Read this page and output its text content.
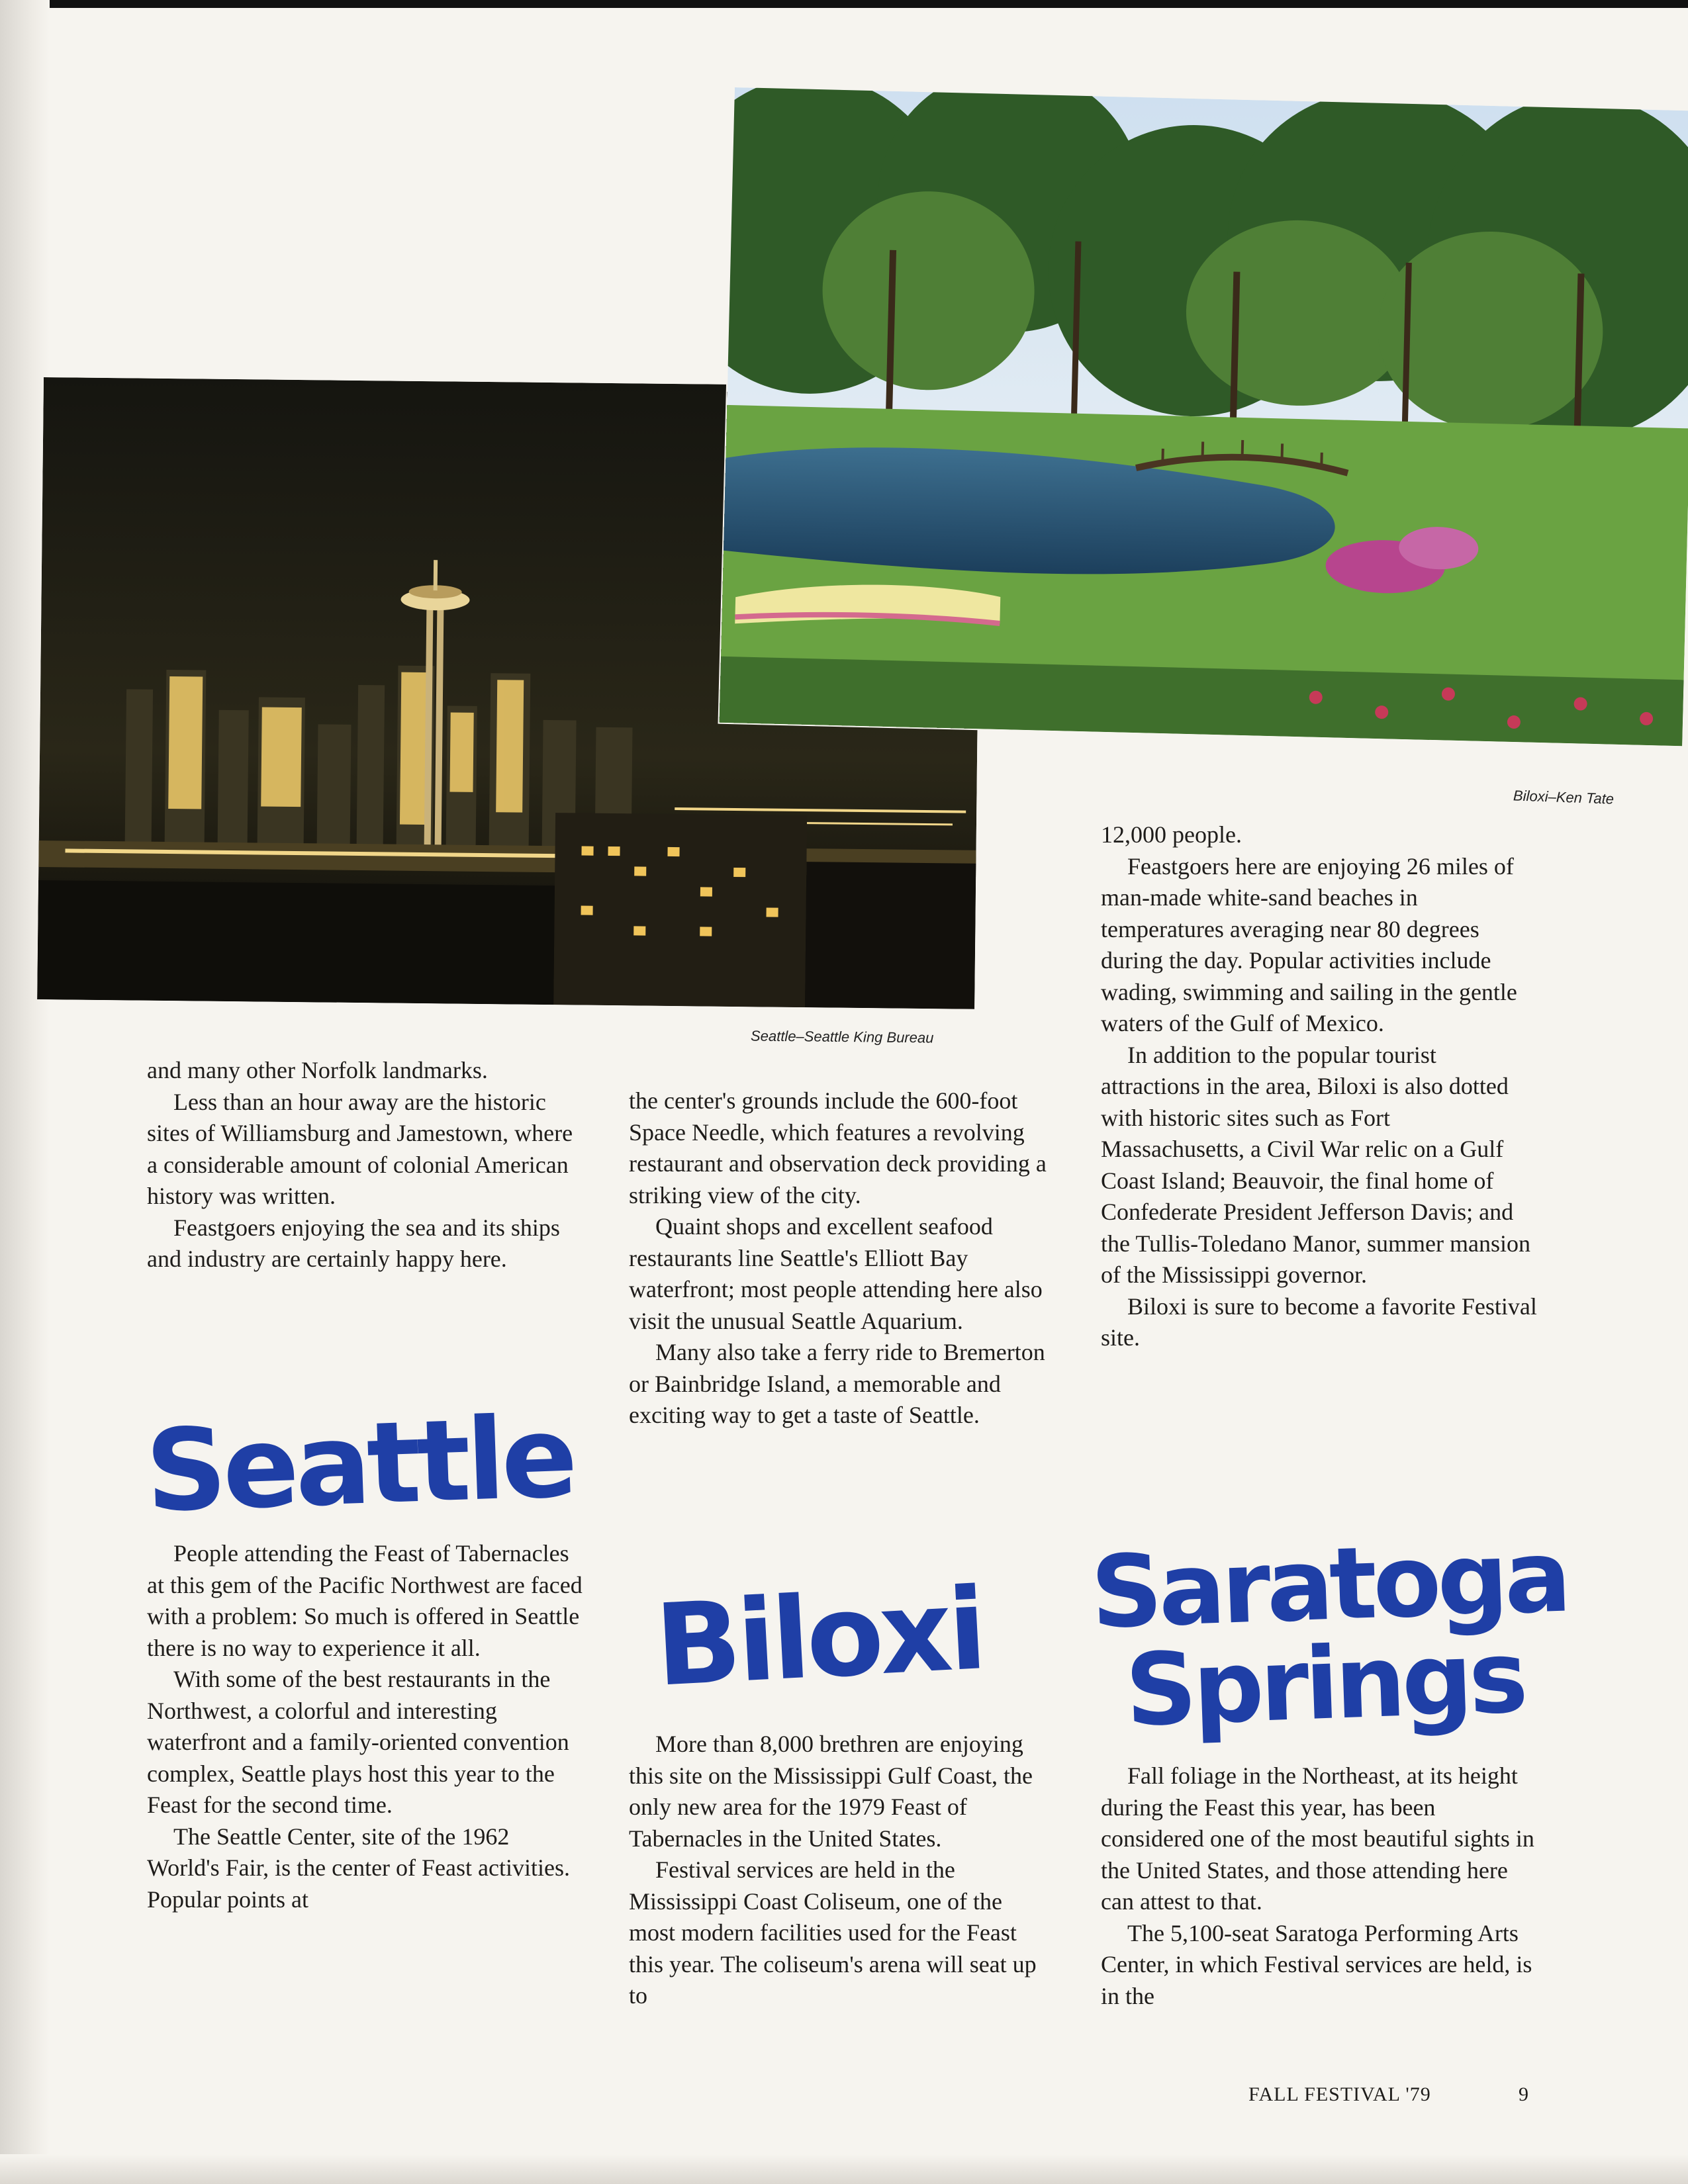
Seattle–Seattle King Bureau
Biloxi–Ken Tate

and many other Norfolk landmarks.

Less than an hour away are the historic sites of Williamsburg and Jamestown, where a considerable amount of colonial American history was written.

Feastgoers enjoying the sea and its ships and industry are certainly happy here.

Seattle

People attending the Feast of Tabernacles at this gem of the Pacific Northwest are faced with a problem: So much is offered in Seattle there is no way to experience it all.

With some of the best restaurants in the Northwest, a colorful and interesting waterfront and a family-oriented convention complex, Seattle plays host this year to the Feast for the second time.

The Seattle Center, site of the 1962 World's Fair, is the center of Feast activities. Popular points at

the center's grounds include the 600-foot Space Needle, which features a revolving restaurant and observation deck providing a striking view of the city.

Quaint shops and excellent seafood restaurants line Seattle's Elliott Bay waterfront; most people attending here also visit the unusual Seattle Aquarium.

Many also take a ferry ride to Bremerton or Bainbridge Island, a memorable and exciting way to get a taste of Seattle.

Biloxi

More than 8,000 brethren are enjoying this site on the Mississippi Gulf Coast, the only new area for the 1979 Feast of Tabernacles in the United States.

Festival services are held in the Mississippi Coast Coliseum, one of the most modern facilities used for the Feast this year. The coliseum's arena will seat up to

12,000 people.

Feastgoers here are enjoying 26 miles of man-made white-sand beaches in temperatures averaging near 80 degrees during the day. Popular activities include wading, swimming and sailing in the gentle waters of the Gulf of Mexico.

In addition to the popular tourist attractions in the area, Biloxi is also dotted with historic sites such as Fort Massachusetts, a Civil War relic on a Gulf Coast Island; Beauvoir, the final home of Confederate President Jefferson Davis; and the Tullis-Toledano Manor, summer mansion of the Mississippi governor.

Biloxi is sure to become a favorite Festival site.

Saratoga
Springs

Fall foliage in the Northeast, at its height during the Feast this year, has been considered one of the most beautiful sights in the United States, and those attending here can attest to that.

The 5,100-seat Saratoga Performing Arts Center, in which Festival services are held, is in the

FALL FESTIVAL '79	9
